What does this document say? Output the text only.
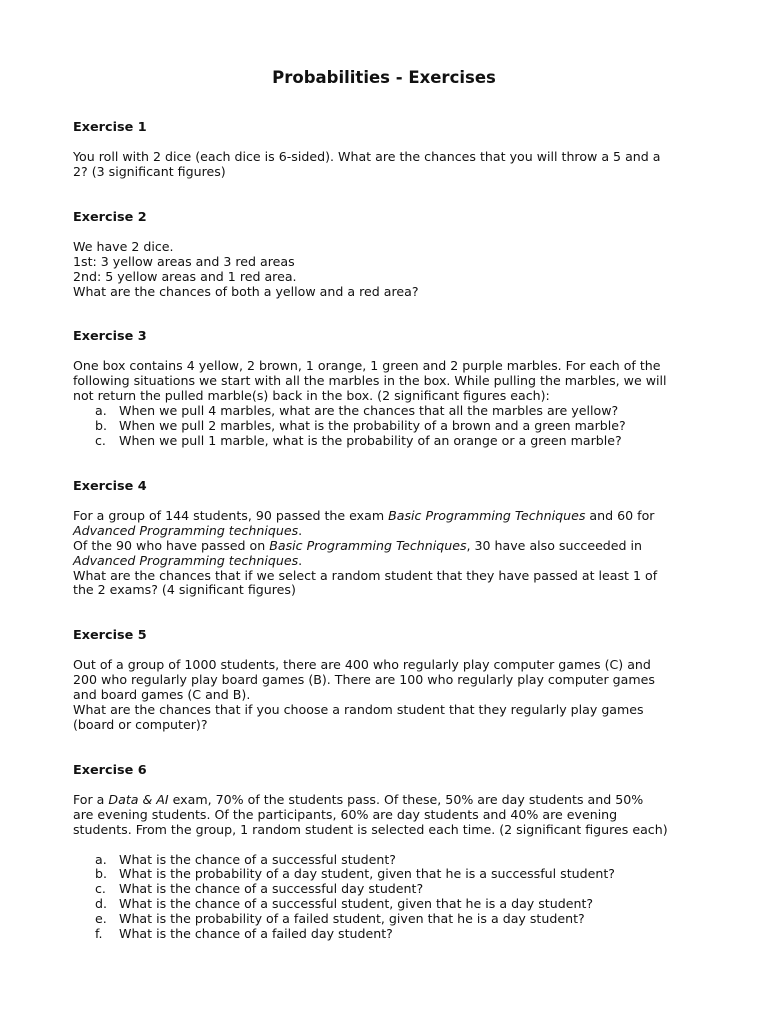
Probabilities - Exercises
Exercise 1

You roll with 2 dice (each dice is 6-sided). What are the chances that you will throw a 5 and a

2? (3 significant figures)

Exercise 2

We have 2 dice.

1st: 3 yellow areas and 3 red areas

2nd: 5 yellow areas and 1 red area.

What are the chances of both a yellow and a red area?

Exercise 3

One box contains 4 yellow, 2 brown, 1 orange, 1 green and 2 purple marbles. For each of the

following situations we start with all the marbles in the box. While pulling the marbles, we will

not return the pulled marble(s) back in the box. (2 significant figures each):

a. When we pull 4 marbles, what are the chances that all the marbles are yellow?
b. When we pull 2 marbles, what is the probability of a brown and a green marble?
c. When we pull 1 marble, what is the probability of an orange or a green marble?
Exercise 4

For a group of 144 students, 90 passed the exam Basic Programming Techniques and 60 for

Advanced Programming techniques.

Of the 90 who have passed on Basic Programming Techniques, 30 have also succeeded in

Advanced Programming techniques.

What are the chances that if we select a random student that they have passed at least 1 of

the 2 exams? (4 significant figures)

Exercise 5

Out of a group of 1000 students, there are 400 who regularly play computer games (C) and

200 who regularly play board games (B). There are 100 who regularly play computer games

and board games (C and B).

What are the chances that if you choose a random student that they regularly play games

(board or computer)?

Exercise 6

For a Data & AI exam, 70% of the students pass. Of these, 50% are day students and 50%

are evening students. Of the participants, 60% are day students and 40% are evening

students. From the group, 1 random student is selected each time. (2 significant figures each)

a. What is the chance of a successful student?
b. What is the probability of a day student, given that he is a successful student?
c. What is the chance of a successful day student?
d. What is the chance of a successful student, given that he is a day student?
e. What is the probability of a failed student, given that he is a day student?
f. What is the chance of a failed day student?
